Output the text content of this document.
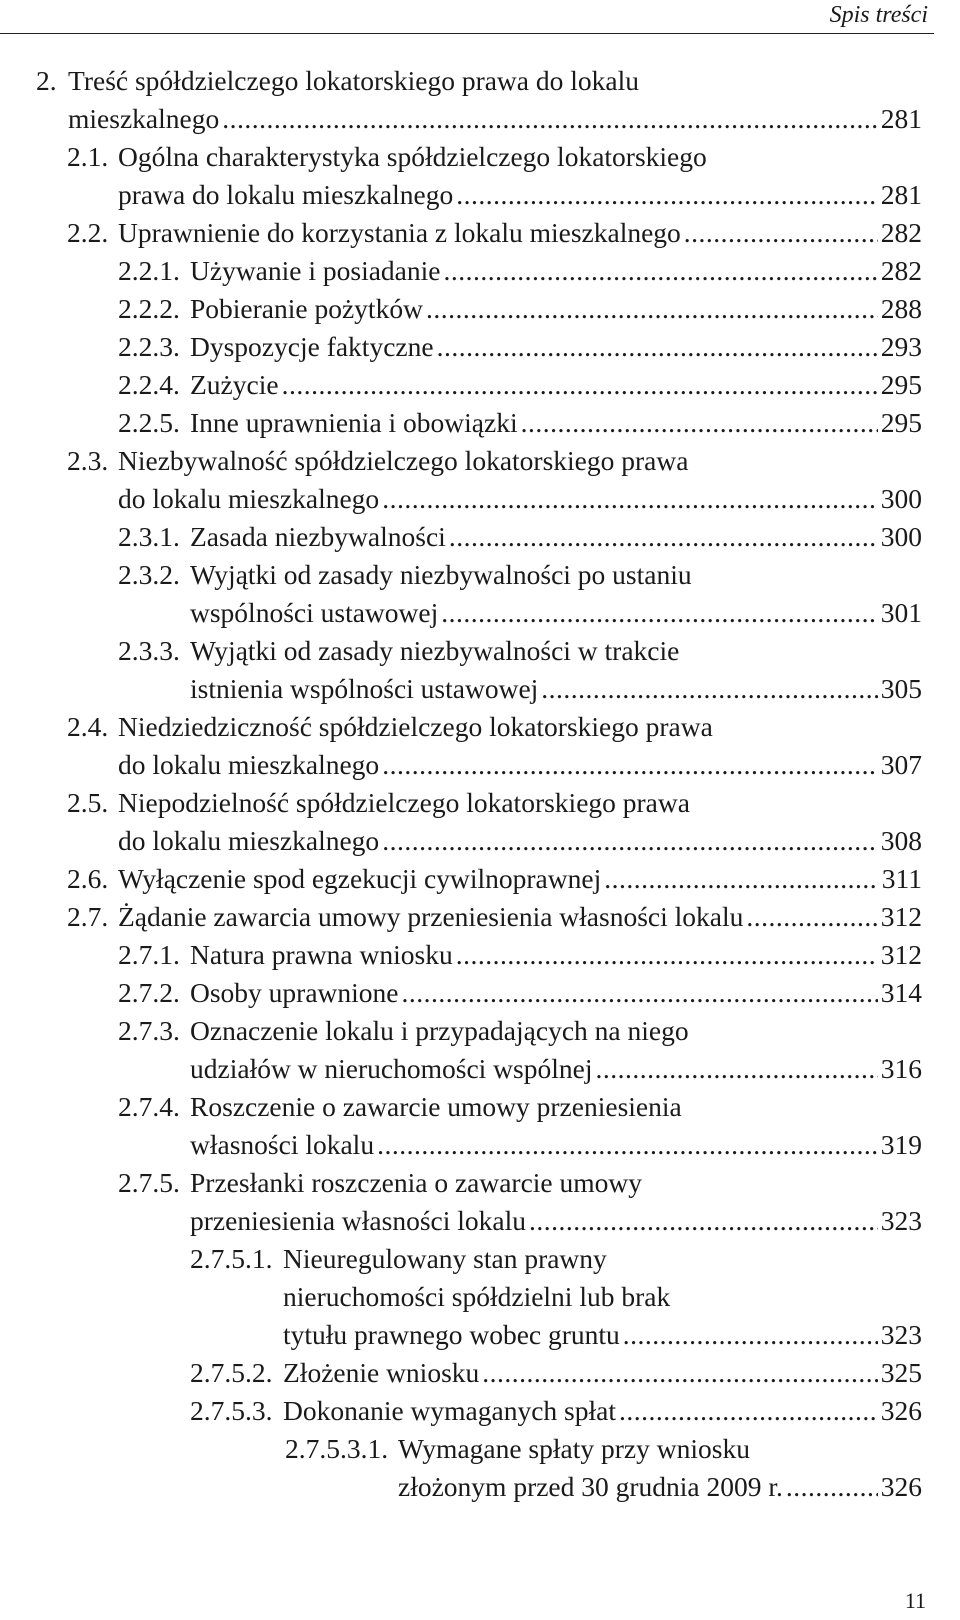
Spis treści
2. Treść spółdzielczego lokatorskiego prawa do lokalu
mieszkalnego .....	281
2.1. Ogólna charakterystyka spółdzielczego lokatorskiego
prawa do lokalu mieszkalnego .....	281
2.2. Uprawnienie do korzystania z lokalu mieszkalnego .....	282
2.2.1. Używanie i posiadanie .....	282
2.2.2. Pobieranie pożytków .....	288
2.2.3. Dyspozycje faktyczne .....	293
2.2.4. Zużycie .....	295
2.2.5. Inne uprawnienia i obowiązki .....	295
2.3. Niezbywalność spółdzielczego lokatorskiego prawa
do lokalu mieszkalnego .....	300
2.3.1. Zasada niezbywalności .....	300
2.3.2. Wyjątki od zasady niezbywalności po ustaniu
wspólności ustawowej .....	301
2.3.3. Wyjątki od zasady niezbywalności w trakcie
istnienia wspólności ustawowej .....	305
2.4. Niedziedziczność spółdzielczego lokatorskiego prawa
do lokalu mieszkalnego .....	307
2.5. Niepodzielność spółdzielczego lokatorskiego prawa
do lokalu mieszkalnego .....	308
2.6. Wyłączenie spod egzekucji cywilnoprawnej .....	311
2.7. Żądanie zawarcia umowy przeniesienia własności lokalu .....	312
2.7.1. Natura prawna wniosku .....	312
2.7.2. Osoby uprawnione .....	314
2.7.3. Oznaczenie lokalu i przypadających na niego
udziałów w nieruchomości wspólnej .....	316
2.7.4. Roszczenie o zawarcie umowy przeniesienia
własności lokalu .....	319
2.7.5. Przesłanki roszczenia o zawarcie umowy
przeniesienia własności lokalu .....	323
2.7.5.1. Nieuregulowany stan prawny
nieruchomości spółdzielni lub brak
tytułu prawnego wobec gruntu .....	323
2.7.5.2. Złożenie wniosku .....	325
2.7.5.3. Dokonanie wymaganych spłat .....	326
2.7.5.3.1. Wymagane spłaty przy wniosku
złożonym przed 30 grudnia 2009 r. .....	326
11
